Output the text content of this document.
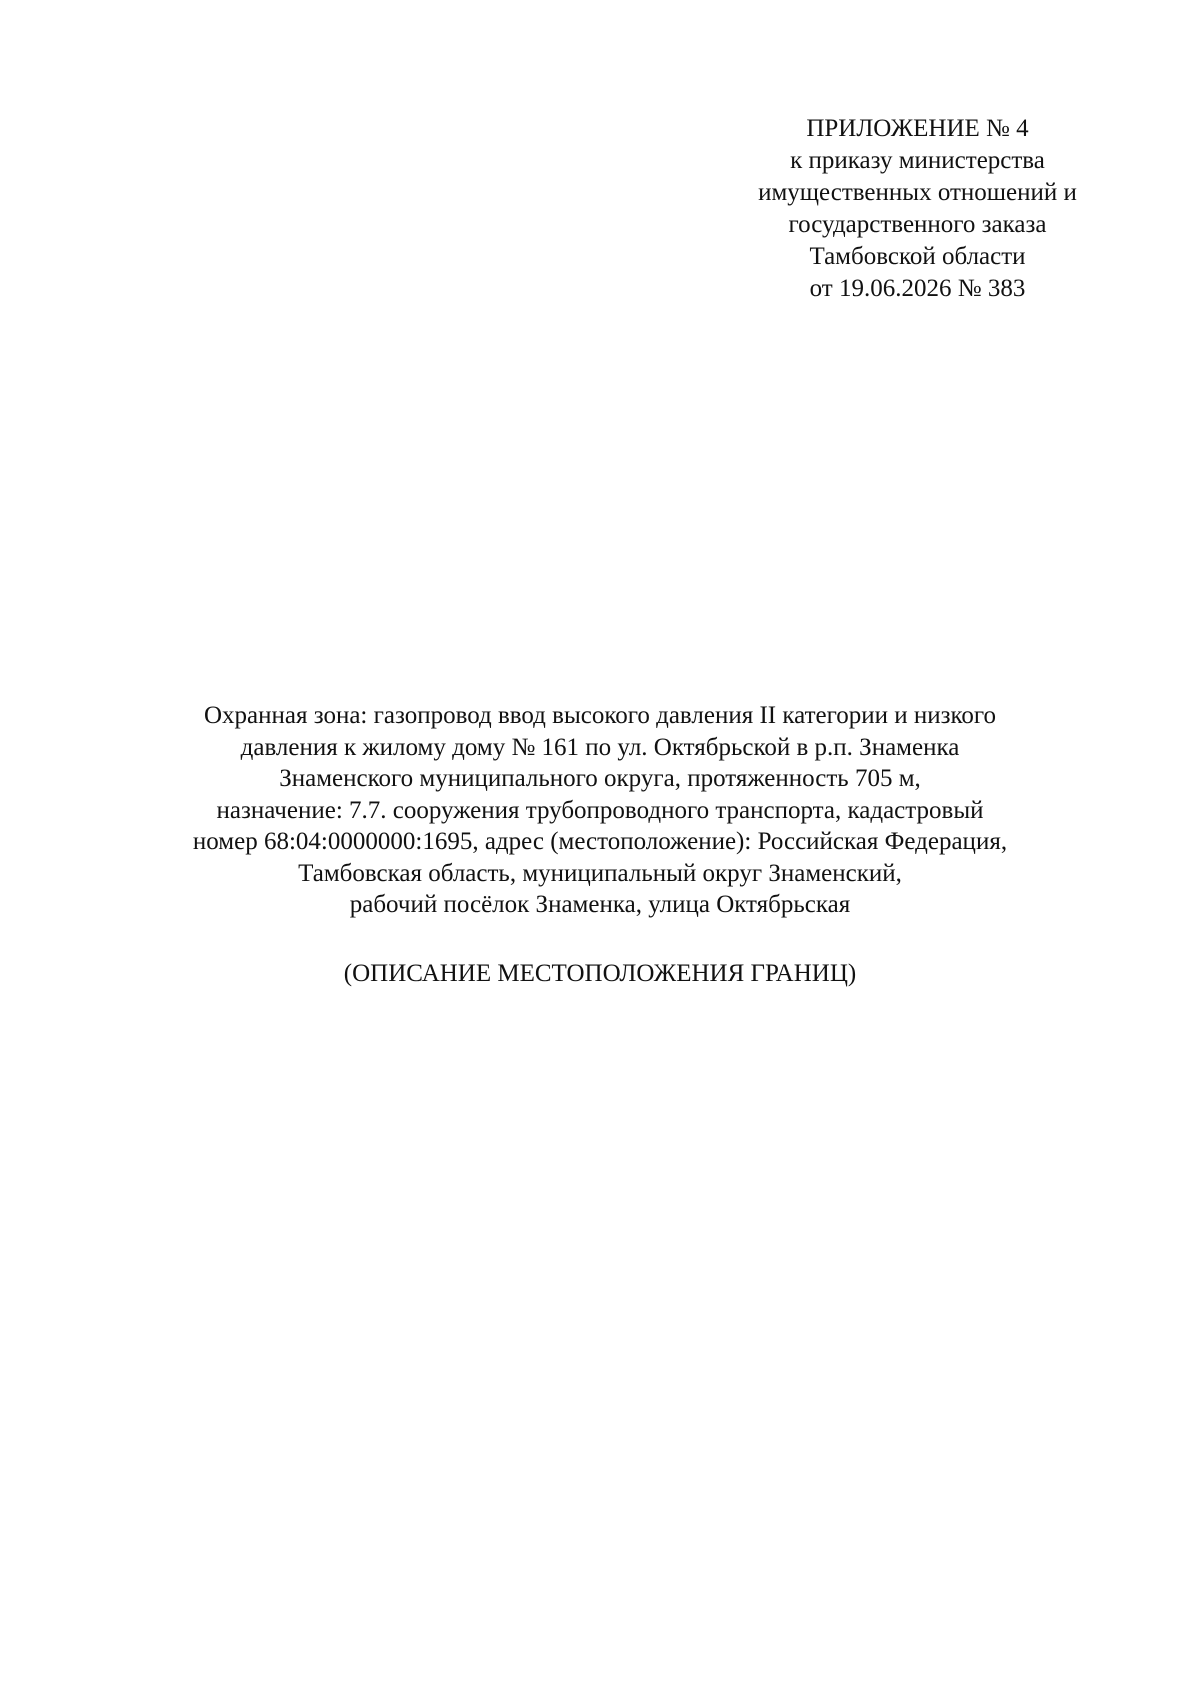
ПРИЛОЖЕНИЕ № 4
к приказу министерства
имущественных отношений и
государственного заказа
Тамбовской области
от 19.06.2026 № 383
Охранная зона: газопровод ввод высокого давления II категории и низкого
давления к жилому дому № 161 по ул. Октябрьской в р.п. Знаменка
Знаменского муниципального округа, протяженность 705 м,
назначение: 7.7. сооружения трубопроводного транспорта, кадастровый
номер 68:04:0000000:1695, адрес (местоположение): Российская Федерация,
Тамбовская область, муниципальный округ Знаменский,
рабочий посёлок Знаменка, улица Октябрьская
(ОПИСАНИЕ МЕСТОПОЛОЖЕНИЯ ГРАНИЦ)
